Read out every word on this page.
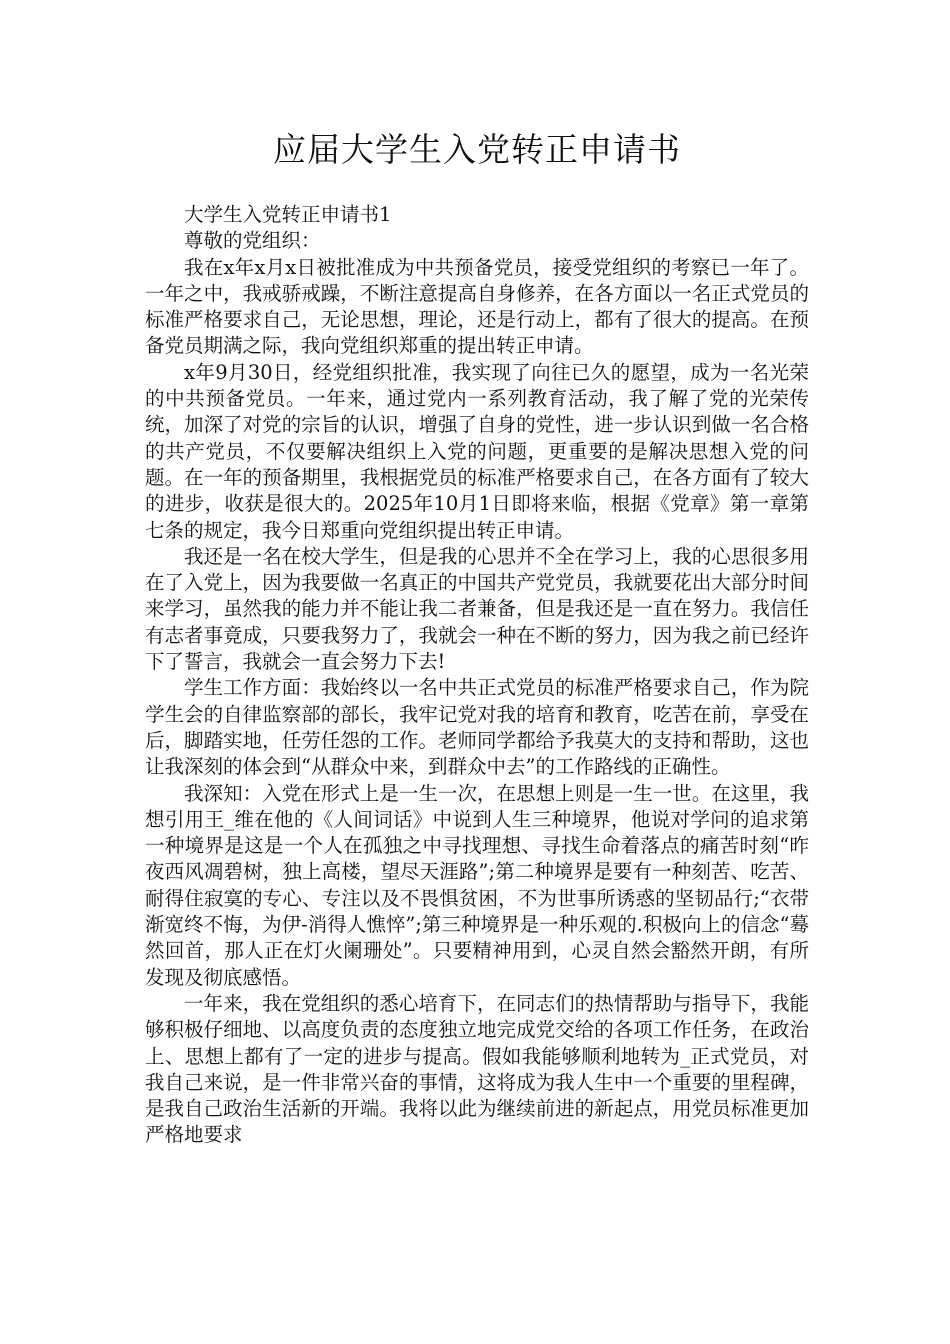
应届大学生入党转正申请书

大学生入党转正申请书1

尊敬的党组织：

我在x年x月x日被批准成为中共预备党员，接受党组织的考察已一年了。一年之中，我戒骄戒躁，不断注意提高自身修养，在各方面以一名正式党员的标准严格要求自己，无论思想，理论，还是行动上，都有了很大的提高。在预备党员期满之际，我向党组织郑重的提出转正申请。

x年9月30日，经党组织批准，我实现了向往已久的愿望，成为一名光荣的中共预备党员。一年来，通过党内一系列教育活动，我了解了党的光荣传统，加深了对党的宗旨的认识，增强了自身的党性，进一步认识到做一名合格的共产党员，不仅要解决组织上入党的问题，更重要的是解决思想入党的问题。在一年的预备期里，我根据党员的标准严格要求自己，在各方面有了较大的进步，收获是很大的。2025年10月1日即将来临，根据《党章》第一章第七条的规定，我今日郑重向党组织提出转正申请。

我还是一名在校大学生，但是我的心思并不全在学习上，我的心思很多用在了入党上，因为我要做一名真正的中国共产党党员，我就要花出大部分时间来学习，虽然我的能力并不能让我二者兼备，但是我还是一直在努力。我信任有志者事竟成，只要我努力了，我就会一种在不断的努力，因为我之前已经许下了誓言，我就会一直会努力下去!

学生工作方面：我始终以一名中共正式党员的标准严格要求自己，作为院学生会的自律监察部的部长，我牢记党对我的培育和教育，吃苦在前，享受在后，脚踏实地，任劳任怨的工作。老师同学都给予我莫大的支持和帮助，这也让我深刻的体会到“从群众中来，到群众中去”的工作路线的正确性。

我深知：入党在形式上是一生一次，在思想上则是一生一世。在这里，我想引用王_维在他的《人间词话》中说到人生三种境界，他说对学问的追求第一种境界是这是一个人在孤独之中寻找理想、寻找生命着落点的痛苦时刻“昨夜西风凋碧树，独上高楼，望尽天涯路”;第二种境界是要有一种刻苦、吃苦、耐得住寂寞的专心、专注以及不畏惧贫困，不为世事所诱惑的坚韧品行;“衣带渐宽终不悔，为伊-消得人憔悴”;第三种境界是一种乐观的.积极向上的信念“蓦然回首，那人正在灯火阑珊处”。只要精神用到，心灵自然会豁然开朗，有所发现及彻底感悟。

一年来，我在党组织的悉心培育下，在同志们的热情帮助与指导下，我能够积极仔细地、以高度负责的态度独立地完成党交给的各项工作任务，在政治上、思想上都有了一定的进步与提高。假如我能够顺利地转为_正式党员，对我自己来说，是一件非常兴奋的事情，这将成为我人生中一个重要的里程碑，是我自己政治生活新的开端。我将以此为继续前进的新起点，用党员标准更加严格地要求
